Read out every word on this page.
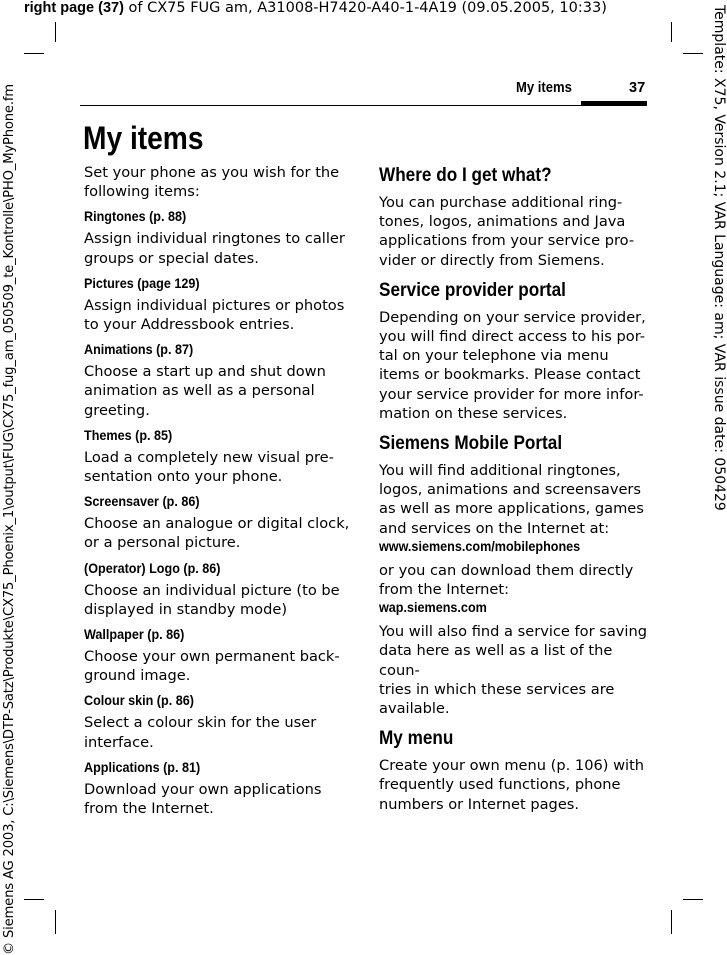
right page (37) of CX75 FUG am, A31008-H7420-A40-1-4A19 (09.05.2005, 10:33)
© Siemens AG 2003, C:\Siemens\DTP-Satz\Produkte\CX75_Phoenix_1\output\FUG\CX75_fug_am_050509_te_Kontrolle\PHO_MyPhone.fm	Template: X75, Version 2.1; VAR Language: am; VAR issue date: 050429
My items	37
My items

Set your phone as you wish for the
following items:

Ringtones (p. 88)

Assign individual ringtones to caller
groups or special dates.

Pictures (page 129)

Assign individual pictures or photos
to your Addressbook entries.

Animations (p. 87)

Choose a start up and shut down
animation as well as a personal
greeting.

Themes (p. 85)

Load a completely new visual pre-
sentation onto your phone.

Screensaver (p. 86)

Choose an analogue or digital clock,
or a personal picture.

(Operator) Logo (p. 86)

Choose an individual picture (to be
displayed in standby mode)

Wallpaper (p. 86)

Choose your own permanent back-
ground image.

Colour skin (p. 86)

Select a colour skin for the user
interface.

Applications (p. 81)

Download your own applications
from the Internet.

Where do I get what?

You can purchase additional ring-
tones, logos, animations and Java
applications from your service pro-
vider or directly from Siemens.

Service provider portal

Depending on your service provider,
you will find direct access to his por-
tal on your telephone via menu
items or bookmarks. Please contact
your service provider for more infor-
mation on these services.

Siemens Mobile Portal

You will find additional ringtones,
logos, animations and screensavers
as well as more applications, games
and services on the Internet at:

www.siemens.com/mobilephones

or you can download them directly
from the Internet:

wap.siemens.com

You will also find a service for saving
data here as well as a list of the coun-
tries in which these services are
available.

My menu

Create your own menu (p. 106) with
frequently used functions, phone
numbers or Internet pages.
